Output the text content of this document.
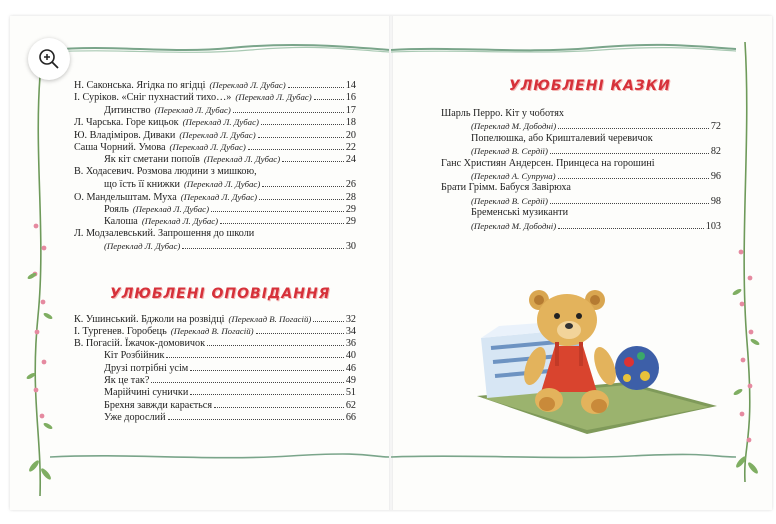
Н. Саконська. Ягідка по ягідці (Переклад Л. Дубас)	14
І. Суріков. «Сніг пухнастий тихо…» (Переклад Л. Дубас)	16
Дитинство (Переклад Л. Дубас)	17
Л. Чарська. Горе кицьок (Переклад Л. Дубас)	18
Ю. Владіміров. Диваки (Переклад Л. Дубас)	20
Саша Чорний. Умова (Переклад Л. Дубас)	22
Як кіт сметани попоїв (Переклад Л. Дубас)	24
В. Ходасевич. Розмова людини з мишкою,
що їсть її книжки (Переклад Л. Дубас)	26
О. Мандельштам. Муха (Переклад Л. Дубас)	28
Рояль (Переклад Л. Дубас)	29
Калоша (Переклад Л. Дубас)	29
Л. Модзалевський. Запрошення до школи
(Переклад Л. Дубас)	30
УЛЮБЛЕНІ ОПОВІДАННЯ
К. Ушинський. Бджоли на розвідці (Переклад В. Погасій)	32
І. Тургенев. Горобець (Переклад В. Погасій)	34
В. Погасій. Їжачок-домовичок	36
Кіт Розбійник	40
Друзі потрібні усім	46
Як це так?	49
Марійчині сунички	51
Брехня завжди карається	62
Уже дорослий	66
УЛЮБЛЕНІ КАЗКИ
Шарль Перро. Кіт у чоботях
(Переклад М. Дободні)	72
Попелюшка, або Кришталевий черевичок
(Переклад В. Сердії)	82
Ганс Християн Андерсен. Принцеса на горошині
(Переклад А. Супруна)	96
Брати Грімм. Бабуся Завірюха
(Переклад В. Сердії)	98
Бременські музиканти
(Переклад М. Дободні)	103
